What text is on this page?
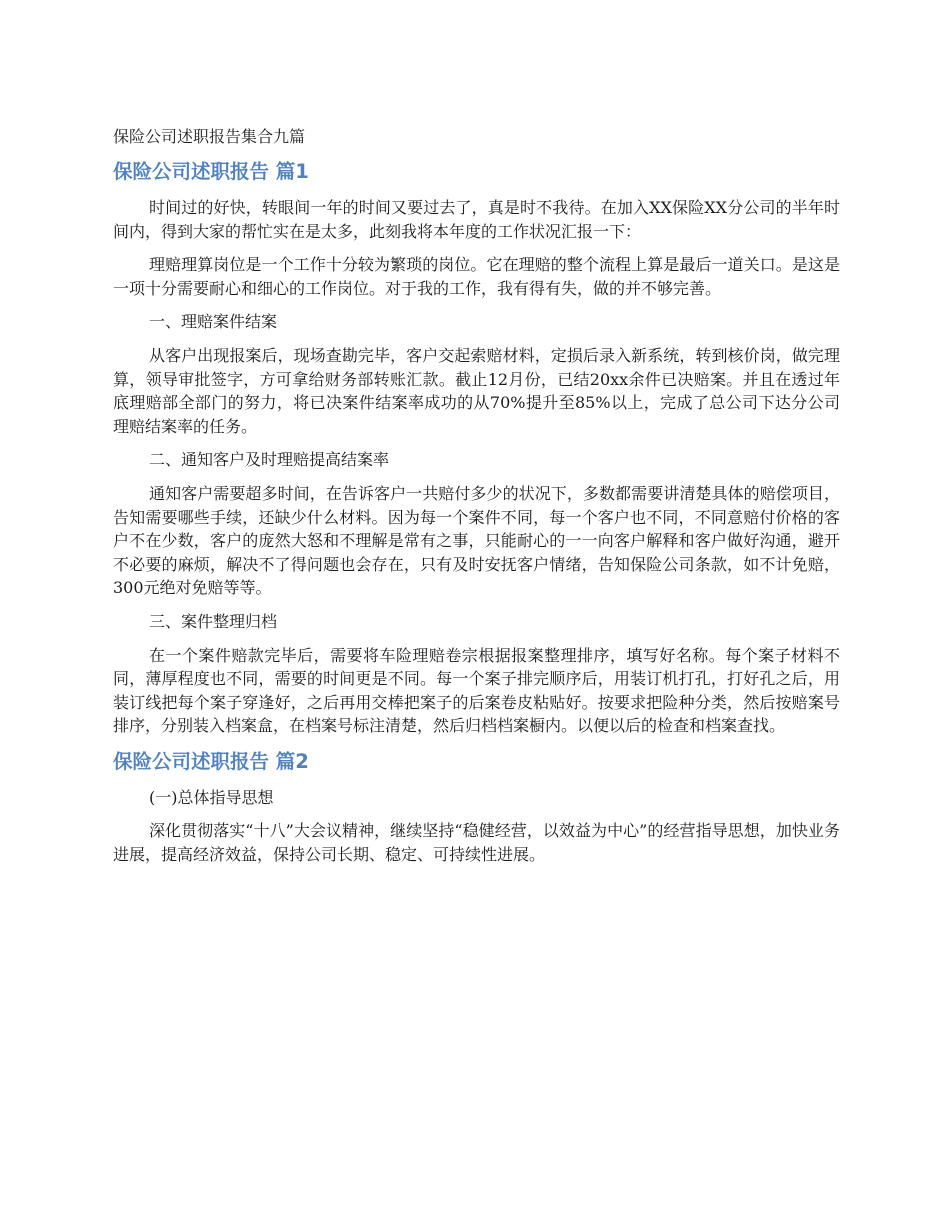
保险公司述职报告集合九篇
保险公司述职报告 篇1

时间过的好快，转眼间一年的时间又要过去了，真是时不我待。在加入XX保险XX分公司的半年时间内，得到大家的帮忙实在是太多，此刻我将本年度的工作状况汇报一下：

理赔理算岗位是一个工作十分较为繁琐的岗位。它在理赔的整个流程上算是最后一道关口。是这是一项十分需要耐心和细心的工作岗位。对于我的工作，我有得有失，做的并不够完善。

一、理赔案件结案

从客户出现报案后，现场查勘完毕，客户交起索赔材料，定损后录入新系统，转到核价岗，做完理算，领导审批签字，方可拿给财务部转账汇款。截止12月份，已结20xx余件已决赔案。并且在透过年底理赔部全部门的努力，将已决案件结案率成功的从70%提升至85%以上，完成了总公司下达分公司理赔结案率的任务。

二、通知客户及时理赔提高结案率

通知客户需要超多时间，在告诉客户一共赔付多少的状况下，多数都需要讲清楚具体的赔偿项目，告知需要哪些手续，还缺少什么材料。因为每一个案件不同，每一个客户也不同，不同意赔付价格的客户不在少数，客户的庞然大怒和不理解是常有之事，只能耐心的一一向客户解释和客户做好沟通，避开不必要的麻烦，解决不了得问题也会存在，只有及时安抚客户情绪，告知保险公司条款，如不计免赔，300元绝对免赔等等。

三、案件整理归档

在一个案件赔款完毕后，需要将车险理赔卷宗根据报案整理排序，填写好名称。每个案子材料不同，薄厚程度也不同，需要的时间更是不同。每一个案子排完顺序后，用装订机打孔，打好孔之后，用装订线把每个案子穿逢好，之后再用交棒把案子的后案卷皮粘贴好。按要求把险种分类，然后按赔案号排序，分别装入档案盒，在档案号标注清楚，然后归档档案橱内。以便以后的检查和档案查找。

保险公司述职报告 篇2

(一)总体指导思想

深化贯彻落实“十八”大会议精神，继续坚持“稳健经营，以效益为中心”的经营指导思想，加快业务进展，提高经济效益，保持公司长期、稳定、可持续性进展。
